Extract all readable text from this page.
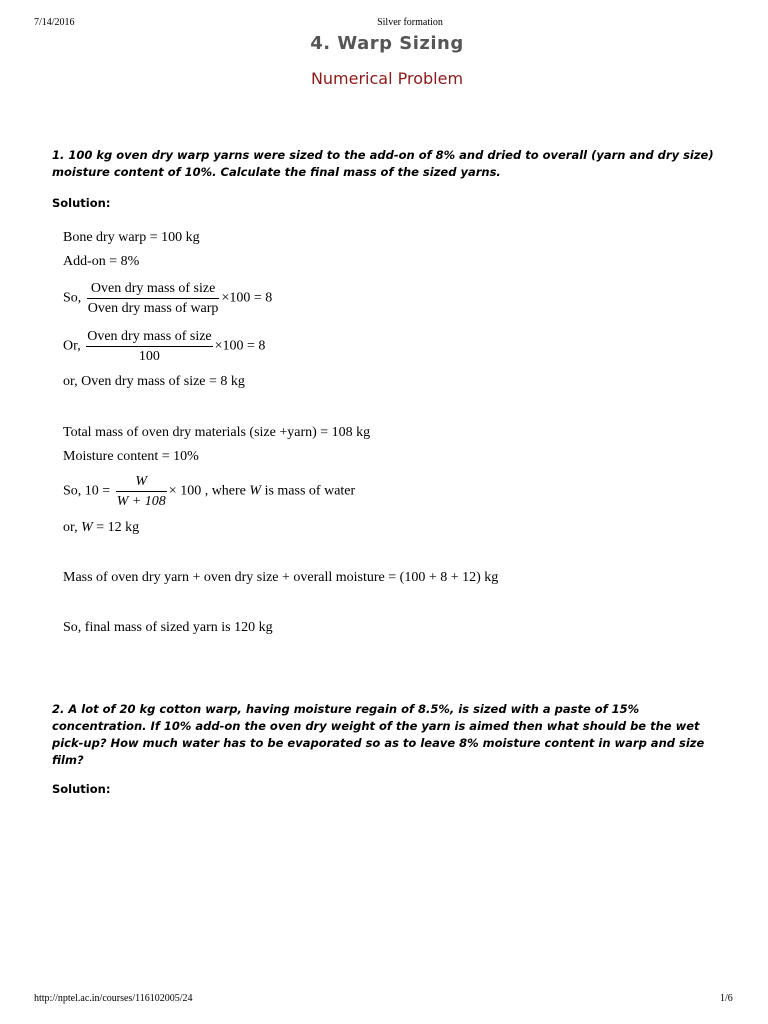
7/14/2016	Silver formation
4. Warp Sizing
Numerical Problem
1. 100 kg oven dry warp yarns were sized to the add-on of 8% and dried to overall (yarn and dry size) moisture content of 10%. Calculate the final mass of the sized yarns.
Solution:
Bone dry warp = 100 kg
Add-on = 8%
So, $\frac{\text{Oven dry mass of size}}{\text{Oven dry mass of warp}} \times 100 = 8$
Or, $\frac{\text{Oven dry mass of size}}{100} \times 100 = 8$
or, Oven dry mass of size = 8 kg
Total mass of oven dry materials (size +yarn) = 108 kg
Moisture content = 10%
So, $10 = \frac{W}{W + 108} \times 100$ , where W is mass of water
or, W = 12 kg
Mass of oven dry yarn + oven dry size + overall moisture = (100 + 8 + 12) kg
So, final mass of sized yarn is 120 kg
2. A lot of 20 kg cotton warp, having moisture regain of 8.5%, is sized with a paste of 15% concentration. If 10% add-on the oven dry weight of the yarn is aimed then what should be the wet pick-up? How much water has to be evaporated so as to leave 8% moisture content in warp and size film?
Solution:
http://nptel.ac.in/courses/116102005/24	1/6
